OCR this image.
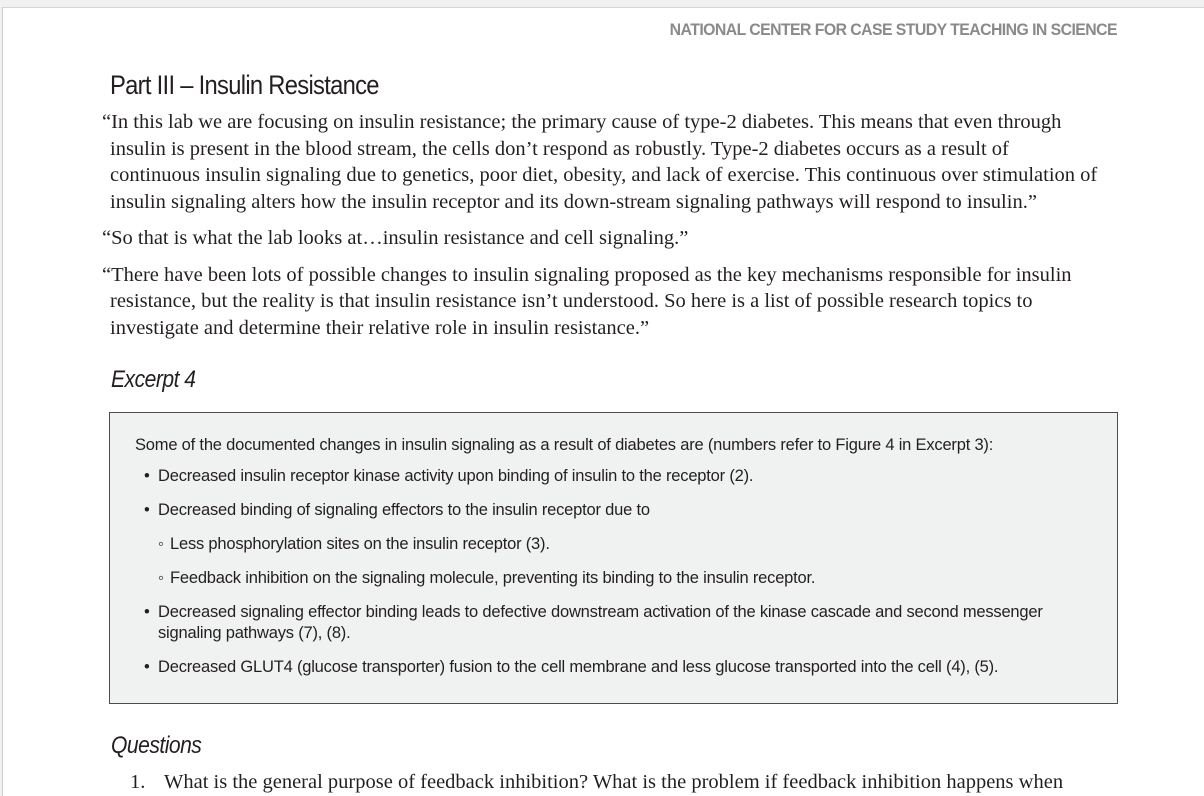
NATIONAL CENTER FOR CASE STUDY TEACHING IN SCIENCE
Part III – Insulin Resistance

“In this lab we are focusing on insulin resistance; the primary cause of type-2 diabetes. This means that even through insulin is present in the blood stream, the cells don’t respond as robustly. Type-2 diabetes occurs as a result of continuous insulin signaling due to genetics, poor diet, obesity, and lack of exercise. This continuous over stimulation of insulin signaling alters how the insulin receptor and its down-stream signaling pathways will respond to insulin.”

“So that is what the lab looks at…insulin resistance and cell signaling.”

“There have been lots of possible changes to insulin signaling proposed as the key mechanisms responsible for insulin resistance, but the reality is that insulin resistance isn’t understood. So here is a list of possible research topics to investigate and determine their relative role in insulin resistance.”

Excerpt 4
Some of the documented changes in insulin signaling as a result of diabetes are (numbers refer to Figure 4 in Excerpt 3):
• Decreased insulin receptor kinase activity upon binding of insulin to the receptor (2).
• Decreased binding of signaling effectors to the insulin receptor due to
◦ Less phosphorylation sites on the insulin receptor (3).
◦ Feedback inhibition on the signaling molecule, preventing its binding to the insulin receptor.
• Decreased signaling effector binding leads to defective downstream activation of the kinase cascade and second messenger signaling pathways (7), (8).
• Decreased GLUT4 (glucose transporter) fusion to the cell membrane and less glucose transported into the cell (4), (5).
Questions
1. What is the general purpose of feedback inhibition? What is the problem if feedback inhibition happens when
